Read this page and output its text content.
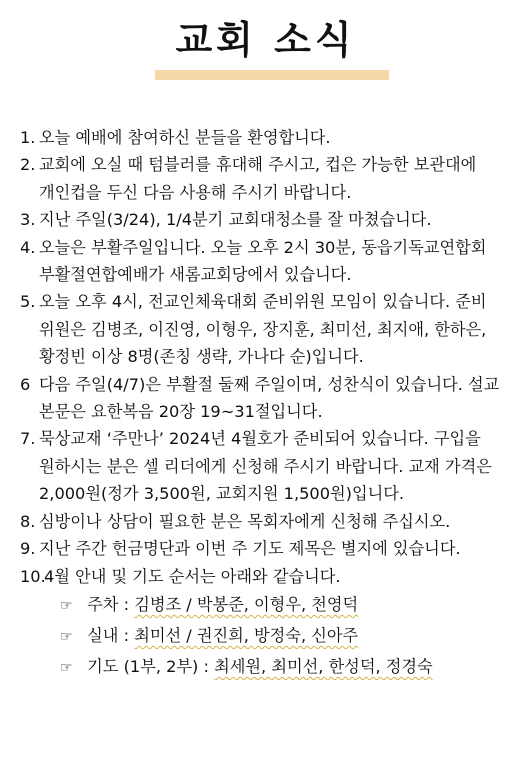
교회 소식
1. 오늘 예배에 참여하신 분들을 환영합니다.
2. 교회에 오실 때 텀블러를 휴대해 주시고, 컵은 가능한 보관대에
개인컵을 두신 다음 사용해 주시기 바랍니다.
3. 지난 주일(3/24), 1/4분기 교회대청소를 잘 마쳤습니다.
4. 오늘은 부활주일입니다. 오늘 오후 2시 30분, 동읍기독교연합회
부활절연합예배가 새롬교회당에서 있습니다.
5. 오늘 오후 4시, 전교인체육대회 준비위원 모임이 있습니다. 준비
위원은 김병조, 이진영, 이형우, 장지훈, 최미선, 최지애, 한하은,
황정빈 이상 8명(존칭 생략, 가나다 순)입니다.
6 다음 주일(4/7)은 부활절 둘째 주일이며, 성찬식이 있습니다. 설교
본문은 요한복음 20장 19~31절입니다.
7. 묵상교재 ‘주만나’ 2024년 4월호가 준비되어 있습니다. 구입을
원하시는 분은 셀 리더에게 신청해 주시기 바랍니다. 교재 가격은
2,000원(정가 3,500원, 교회지원 1,500원)입니다.
8. 심방이나 상담이 필요한 분은 목회자에게 신청해 주십시오.
9. 지난 주간 헌금명단과 이번 주 기도 제목은 별지에 있습니다.
10.
4월 안내 및 기도 순서는 아래와 같습니다.
☞ 주차 : 김병조 / 박봉준, 이형우, 천영덕
☞ 실내 : 최미선 / 권진희, 방정숙, 신아주
☞ 기도 (1부, 2부) : 최세원, 최미선, 한성덕, 정경숙
